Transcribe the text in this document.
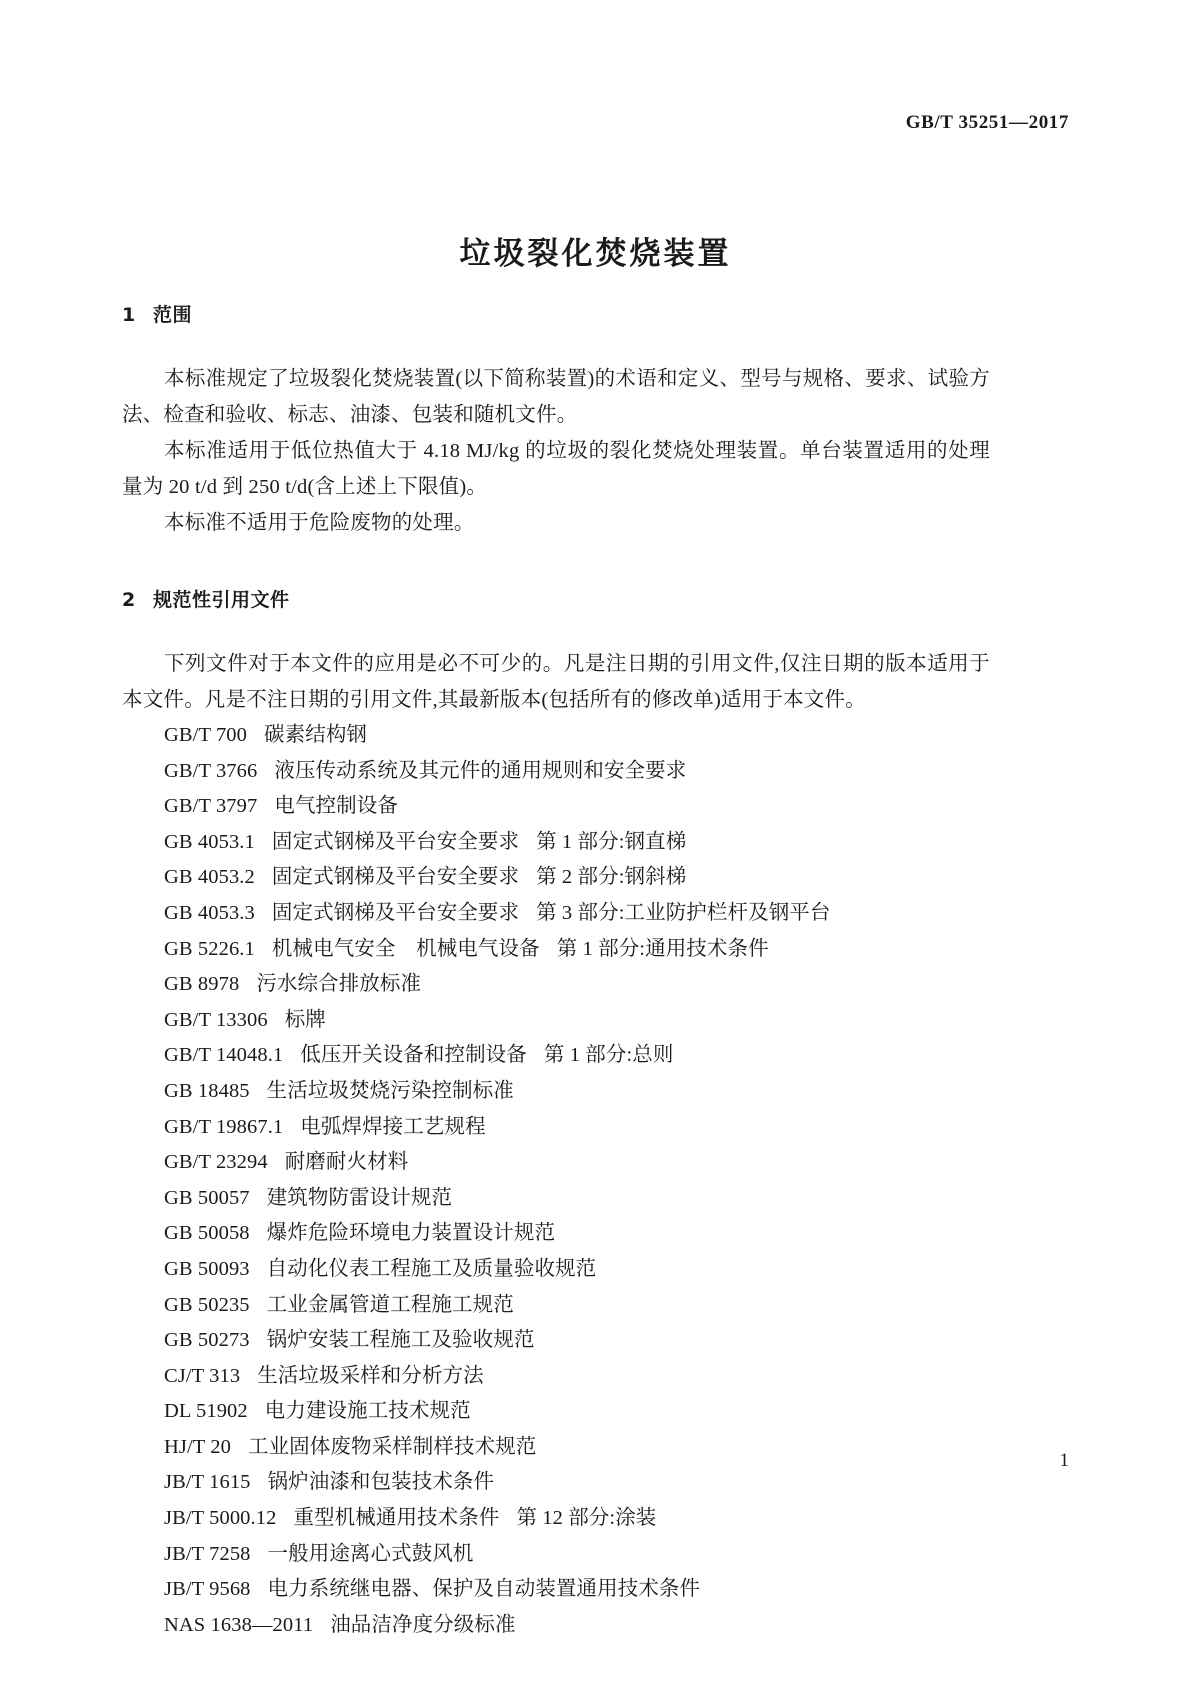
GB/T 35251—2017
垃圾裂化焚烧装置
1 范围

本标准规定了垃圾裂化焚烧装置(以下简称装置)的术语和定义、型号与规格、要求、试验方法、检查和验收、标志、油漆、包装和随机文件。

本标准适用于低位热值大于 4.18 MJ/kg 的垃圾的裂化焚烧处理装置。单台装置适用的处理量为 20 t/d 到 250 t/d(含上述上下限值)。

本标准不适用于危险废物的处理。

2 规范性引用文件

下列文件对于本文件的应用是必不可少的。凡是注日期的引用文件,仅注日期的版本适用于本文件。凡是不注日期的引用文件,其最新版本(包括所有的修改单)适用于本文件。

GB/T 700 碳素结构钢
GB/T 3766 液压传动系统及其元件的通用规则和安全要求
GB/T 3797 电气控制设备
GB 4053.1 固定式钢梯及平台安全要求 第 1 部分:钢直梯
GB 4053.2 固定式钢梯及平台安全要求 第 2 部分:钢斜梯
GB 4053.3 固定式钢梯及平台安全要求 第 3 部分:工业防护栏杆及钢平台
GB 5226.1 机械电气安全　机械电气设备 第 1 部分:通用技术条件
GB 8978 污水综合排放标准
GB/T 13306 标牌
GB/T 14048.1 低压开关设备和控制设备 第 1 部分:总则
GB 18485 生活垃圾焚烧污染控制标准
GB/T 19867.1 电弧焊焊接工艺规程
GB/T 23294 耐磨耐火材料
GB 50057 建筑物防雷设计规范
GB 50058 爆炸危险环境电力装置设计规范
GB 50093 自动化仪表工程施工及质量验收规范
GB 50235 工业金属管道工程施工规范
GB 50273 锅炉安装工程施工及验收规范
CJ/T 313 生活垃圾采样和分析方法
DL 51902 电力建设施工技术规范
HJ/T 20 工业固体废物采样制样技术规范
JB/T 1615 锅炉油漆和包装技术条件
JB/T 5000.12 重型机械通用技术条件 第 12 部分:涂装
JB/T 7258 一般用途离心式鼓风机
JB/T 9568 电力系统继电器、保护及自动装置通用技术条件
NAS 1638—2011 油品洁净度分级标准
1
